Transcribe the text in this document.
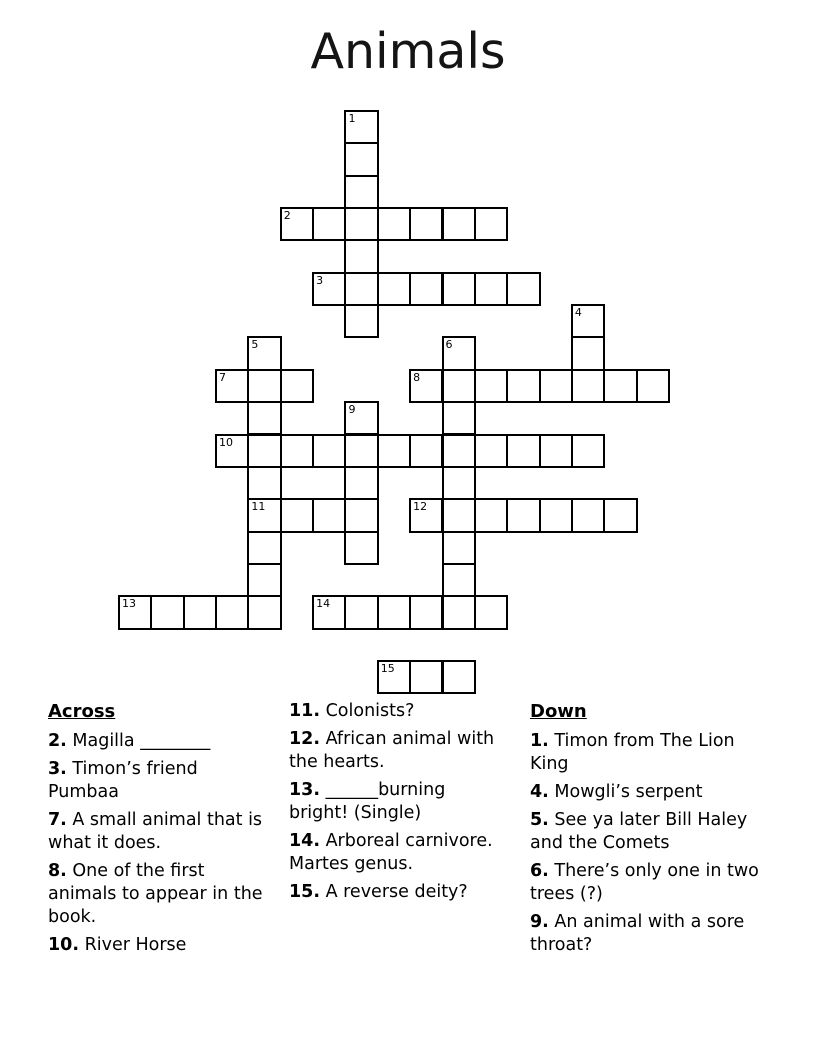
Animals
1
2
3
4
5
11
6
7	8
9
10
12
13	14
15
Across
2. Magilla ________
3. Timon’s friend Pumbaa
7. A small animal that is what it does.
8. One of the first animals to appear in the book.
10. River Horse
11. Colonists?
12. African animal with the hearts.
13. ______burning bright! (Single)
14. Arboreal carnivore. Martes genus.
15. A reverse deity?
Down
1. Timon from The Lion King
4. Mowgli’s serpent
5. See ya later Bill Haley and the Comets
6. There’s only one in two trees (?)
9. An animal with a sore throat?
